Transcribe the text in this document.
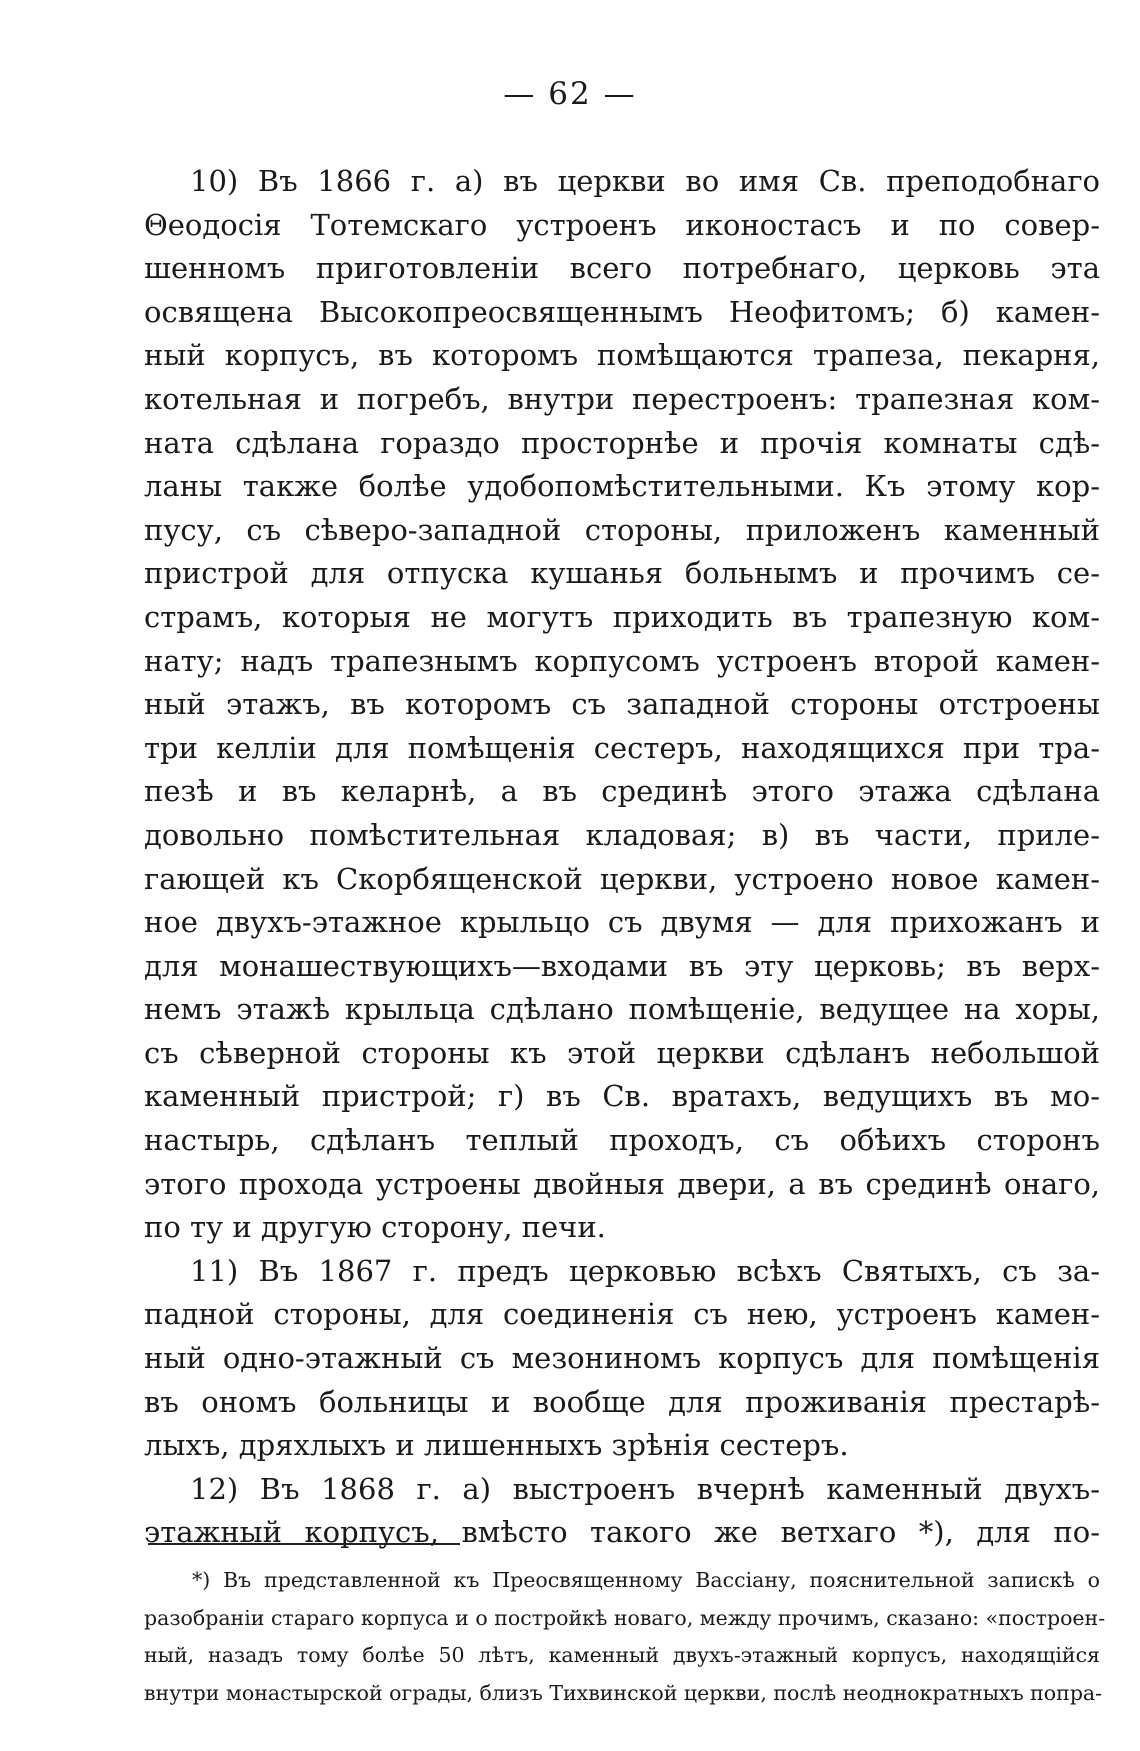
— 62 —
10) Въ 1866 г. а) въ церкви во имя Св. преподобнаго
Θеодосія Тотемскаго устроенъ иконостасъ и по совер-
шенномъ приготовленіи всего потребнаго, церковь эта
освящена Высокопреосвященнымъ Неофитомъ; б) камен-
ный корпусъ, въ которомъ помѣщаются трапеза, пекарня,
котельная и погребъ, внутри перестроенъ: трапезная ком-
ната сдѣлана гораздо просторнѣе и прочія комнаты сдѣ-
ланы также болѣе удобопомѣстительными. Къ этому кор-
пусу, съ сѣверо-западной стороны, приложенъ каменный
пристрой для отпуска кушанья больнымъ и прочимъ се-
страмъ, которыя не могутъ приходить въ трапезную ком-
нату; надъ трапезнымъ корпусомъ устроенъ второй камен-
ный этажъ, въ которомъ съ западной стороны отстроены
три келліи для помѣщенія сестеръ, находящихся при тра-
пезѣ и въ келарнѣ, а въ срединѣ этого этажа сдѣлана
довольно помѣстительная кладовая; в) въ части, приле-
гающей къ Скорбященской церкви, устроено новое камен-
ное двухъ-этажное крыльцо съ двумя — для прихожанъ и
для монашествующихъ—входами въ эту церковь; въ верх-
немъ этажѣ крыльца сдѣлано помѣщеніе, ведущее на хоры,
съ сѣверной стороны къ этой церкви сдѣланъ небольшой
каменный пристрой; г) въ Св. вратахъ, ведущихъ въ мо-
настырь, сдѣланъ теплый проходъ, съ обѣихъ сторонъ
этого прохода устроены двойныя двери, а въ срединѣ онаго,
по ту и другую сторону, печи.
11) Въ 1867 г. предъ церковью всѣхъ Святыхъ, съ за-
падной стороны, для соединенія съ нею, устроенъ камен-
ный одно-этажный съ мезониномъ корпусъ для помѣщенія
въ ономъ больницы и вообще для проживанія престарѣ-
лыхъ, дряхлыхъ и лишенныхъ зрѣнія сестеръ.
12) Въ 1868 г. а) выстроенъ вчернѣ каменный двухъ-
этажный корпусъ, вмѣсто такого же ветхаго *), для по-
*) Въ представленной къ Преосвященному Вассіану, пояснительной запискѣ о
разобраніи стараго корпуса и о постройкѣ новаго, между прочимъ, сказано: «построен-
ный, назадъ тому болѣе 50 лѣтъ, каменный двухъ-этажный корпусъ, находящійся
внутри монастырской ограды, близъ Тихвинской церкви, послѣ неоднократныхъ попра-
